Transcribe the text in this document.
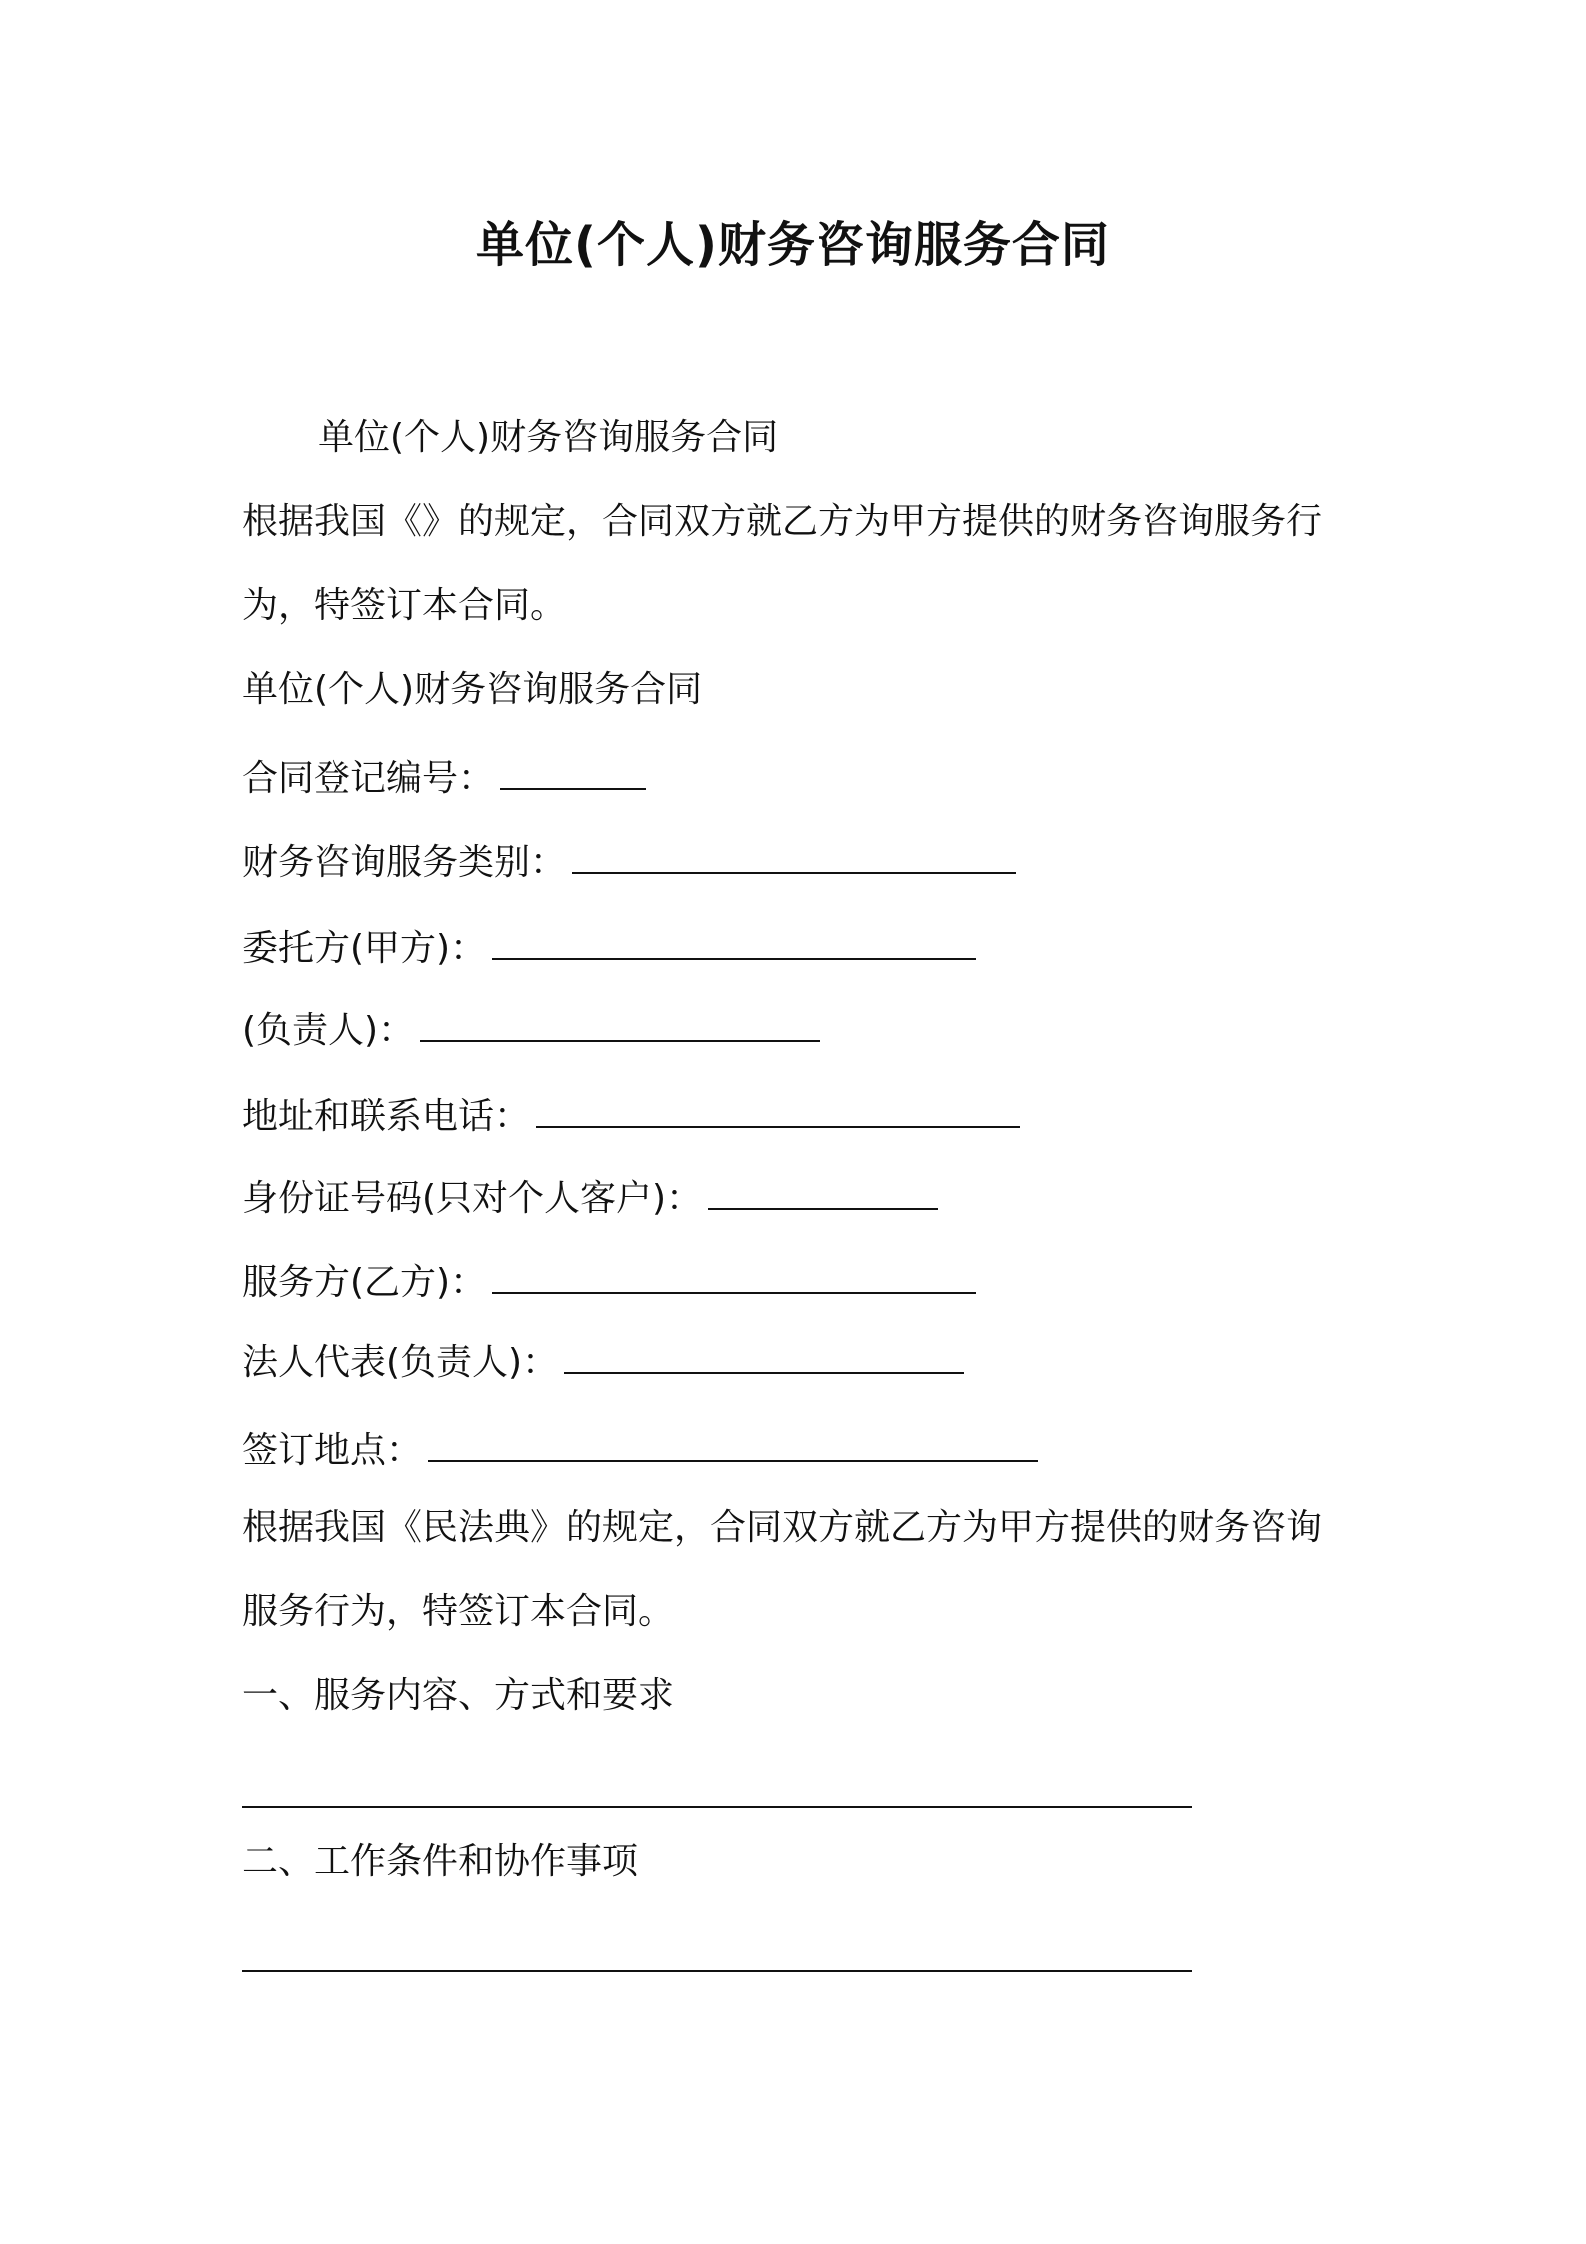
单位(个人)财务咨询服务合同
单位(个人)财务咨询服务合同
根据我国《》的规定，合同双方就乙方为甲方提供的财务咨询服务行
为，特签订本合同。
单位(个人)财务咨询服务合同
合同登记编号：
财务咨询服务类别：
委托方(甲方)：
(负责人)：
地址和联系电话：
身份证号码(只对个人客户)：
服务方(乙方)：
法人代表(负责人)：
签订地点：
根据我国《民法典》的规定，合同双方就乙方为甲方提供的财务咨询
服务行为，特签订本合同。
一、服务内容、方式和要求
二、工作条件和协作事项
